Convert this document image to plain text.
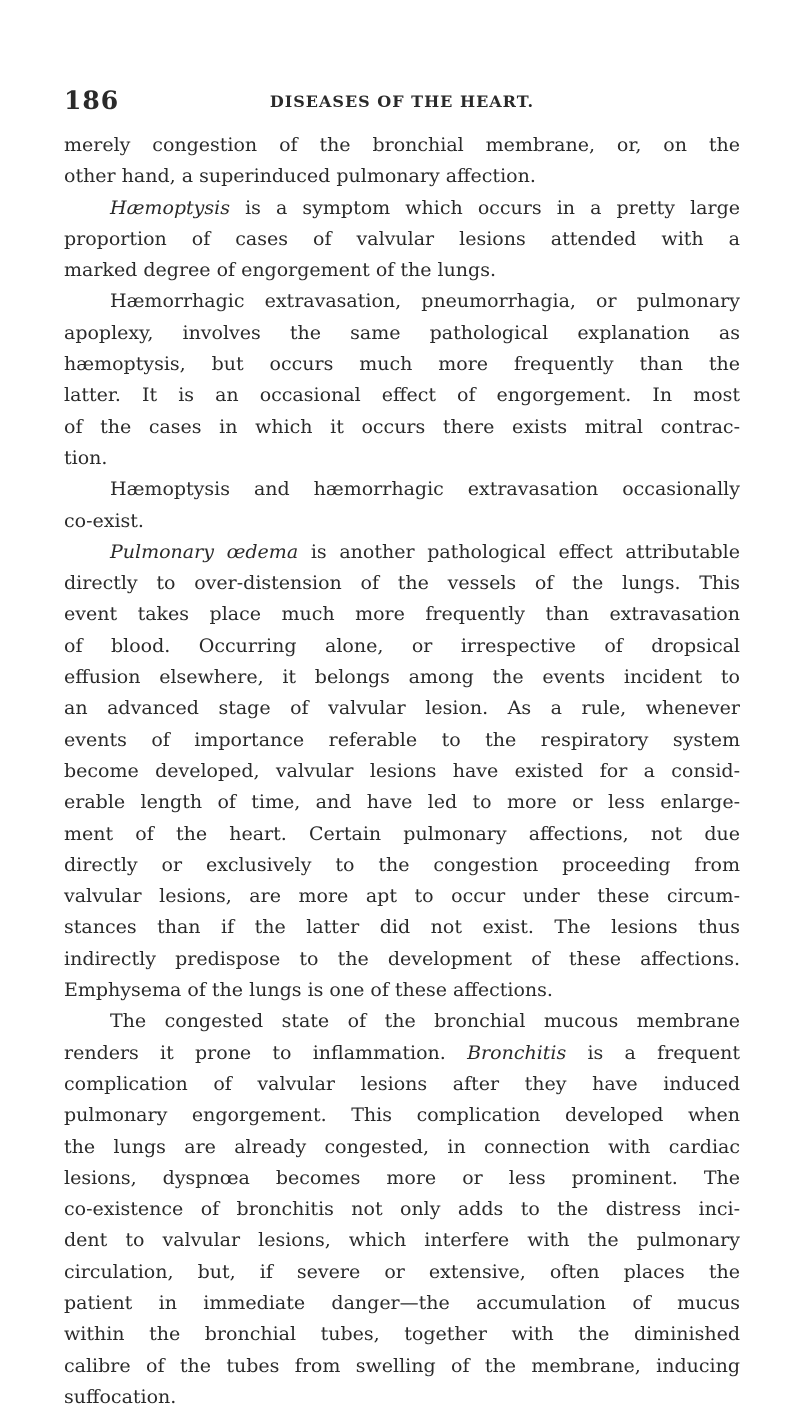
186	DISEASES OF THE HEART.
merely congestion of the bronchial membrane, or, on the
other hand, a superinduced pulmonary affection.
Hæmoptysis is a symptom which occurs in a pretty large
proportion of cases of valvular lesions attended with a
marked degree of engorgement of the lungs.
Hæmorrhagic extravasation, pneumorrhagia, or pulmonary
apoplexy, involves the same pathological explanation as
hæmoptysis, but occurs much more frequently than the
latter. It is an occasional effect of engorgement. In most
of the cases in which it occurs there exists mitral contrac-
tion.
Hæmoptysis and hæmorrhagic extravasation occasionally
co-exist.
Pulmonary œdema is another pathological effect attributable
directly to over-distension of the vessels of the lungs. This
event takes place much more frequently than extravasation
of blood. Occurring alone, or irrespective of dropsical
effusion elsewhere, it belongs among the events incident to
an advanced stage of valvular lesion. As a rule, whenever
events of importance referable to the respiratory system
become developed, valvular lesions have existed for a consid-
erable length of time, and have led to more or less enlarge-
ment of the heart. Certain pulmonary affections, not due
directly or exclusively to the congestion proceeding from
valvular lesions, are more apt to occur under these circum-
stances than if the latter did not exist. The lesions thus
indirectly predispose to the development of these affections.
Emphysema of the lungs is one of these affections.
The congested state of the bronchial mucous membrane
renders it prone to inflammation. Bronchitis is a frequent
complication of valvular lesions after they have induced
pulmonary engorgement. This complication developed when
the lungs are already congested, in connection with cardiac
lesions, dyspnœa becomes more or less prominent. The
co-existence of bronchitis not only adds to the distress inci-
dent to valvular lesions, which interfere with the pulmonary
circulation, but, if severe or extensive, often places the
patient in immediate danger—the accumulation of mucus
within the bronchial tubes, together with the diminished
calibre of the tubes from swelling of the membrane, inducing
suffocation.
